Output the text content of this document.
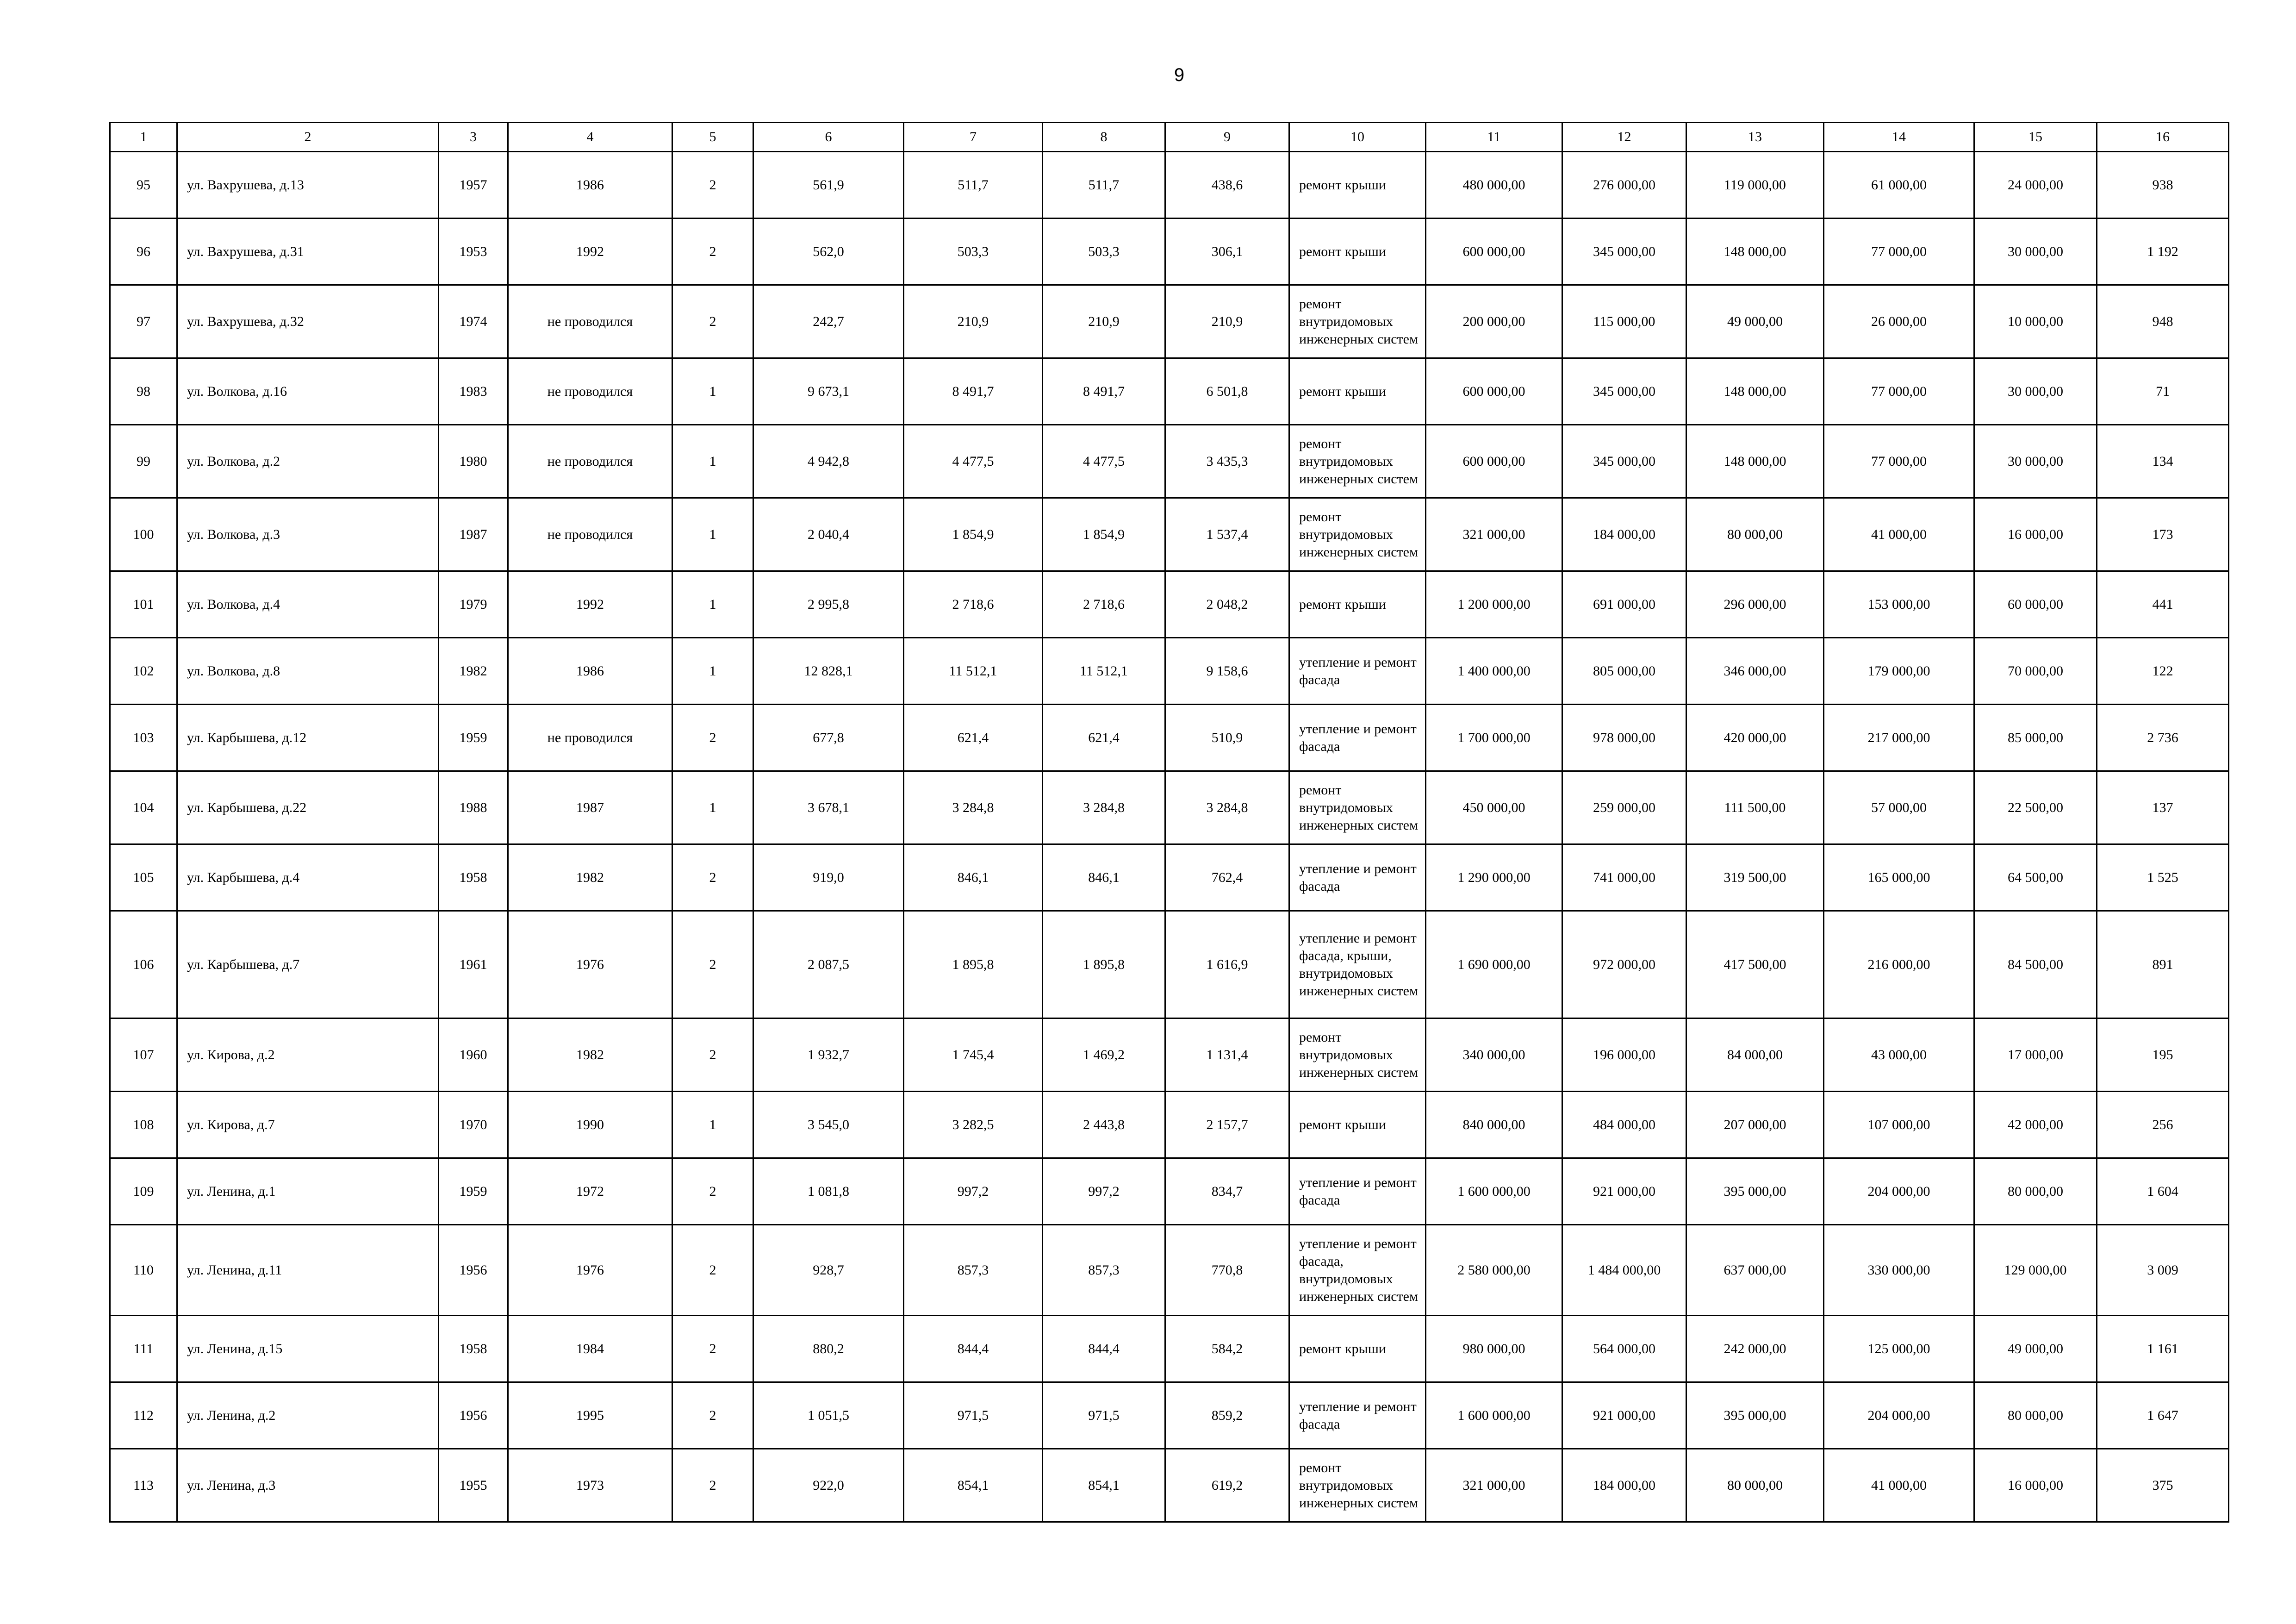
9
1	2	3	4	5	6	7	8	9	10	11	12	13	14	15	16
95	ул. Вахрушева, д.13	1957	1986	2	561,9	511,7	511,7	438,6	ремонт крыши	480 000,00	276 000,00	119 000,00	61 000,00	24 000,00	938
96	ул. Вахрушева, д.31	1953	1992	2	562,0	503,3	503,3	306,1	ремонт крыши	600 000,00	345 000,00	148 000,00	77 000,00	30 000,00	1 192
97	ул. Вахрушева, д.32	1974	не проводился	2	242,7	210,9	210,9	210,9	ремонт внутридомовых инженерных систем	200 000,00	115 000,00	49 000,00	26 000,00	10 000,00	948
98	ул. Волкова, д.16	1983	не проводился	1	9 673,1	8 491,7	8 491,7	6 501,8	ремонт крыши	600 000,00	345 000,00	148 000,00	77 000,00	30 000,00	71
99	ул. Волкова, д.2	1980	не проводился	1	4 942,8	4 477,5	4 477,5	3 435,3	ремонт внутридомовых инженерных систем	600 000,00	345 000,00	148 000,00	77 000,00	30 000,00	134
100	ул. Волкова, д.3	1987	не проводился	1	2 040,4	1 854,9	1 854,9	1 537,4	ремонт внутридомовых инженерных систем	321 000,00	184 000,00	80 000,00	41 000,00	16 000,00	173
101	ул. Волкова, д.4	1979	1992	1	2 995,8	2 718,6	2 718,6	2 048,2	ремонт крыши	1 200 000,00	691 000,00	296 000,00	153 000,00	60 000,00	441
102	ул. Волкова, д.8	1982	1986	1	12 828,1	11 512,1	11 512,1	9 158,6	утепление и ремонт фасада	1 400 000,00	805 000,00	346 000,00	179 000,00	70 000,00	122
103	ул. Карбышева, д.12	1959	не проводился	2	677,8	621,4	621,4	510,9	утепление и ремонт фасада	1 700 000,00	978 000,00	420 000,00	217 000,00	85 000,00	2 736
104	ул. Карбышева, д.22	1988	1987	1	3 678,1	3 284,8	3 284,8	3 284,8	ремонт внутридомовых инженерных систем	450 000,00	259 000,00	111 500,00	57 000,00	22 500,00	137
105	ул. Карбышева, д.4	1958	1982	2	919,0	846,1	846,1	762,4	утепление и ремонт фасада	1 290 000,00	741 000,00	319 500,00	165 000,00	64 500,00	1 525
106	ул. Карбышева, д.7	1961	1976	2	2 087,5	1 895,8	1 895,8	1 616,9	утепление и ремонт фасада, крыши, внутридомовых инженерных систем	1 690 000,00	972 000,00	417 500,00	216 000,00	84 500,00	891
107	ул. Кирова, д.2	1960	1982	2	1 932,7	1 745,4	1 469,2	1 131,4	ремонт внутридомовых инженерных систем	340 000,00	196 000,00	84 000,00	43 000,00	17 000,00	195
108	ул. Кирова, д.7	1970	1990	1	3 545,0	3 282,5	2 443,8	2 157,7	ремонт крыши	840 000,00	484 000,00	207 000,00	107 000,00	42 000,00	256
109	ул. Ленина, д.1	1959	1972	2	1 081,8	997,2	997,2	834,7	утепление и ремонт фасада	1 600 000,00	921 000,00	395 000,00	204 000,00	80 000,00	1 604
110	ул. Ленина, д.11	1956	1976	2	928,7	857,3	857,3	770,8	утепление и ремонт фасада, внутридомовых инженерных систем	2 580 000,00	1 484 000,00	637 000,00	330 000,00	129 000,00	3 009
111	ул. Ленина, д.15	1958	1984	2	880,2	844,4	844,4	584,2	ремонт крыши	980 000,00	564 000,00	242 000,00	125 000,00	49 000,00	1 161
112	ул. Ленина, д.2	1956	1995	2	1 051,5	971,5	971,5	859,2	утепление и ремонт фасада	1 600 000,00	921 000,00	395 000,00	204 000,00	80 000,00	1 647
113	ул. Ленина, д.3	1955	1973	2	922,0	854,1	854,1	619,2	ремонт внутридомовых инженерных систем	321 000,00	184 000,00	80 000,00	41 000,00	16 000,00	375
